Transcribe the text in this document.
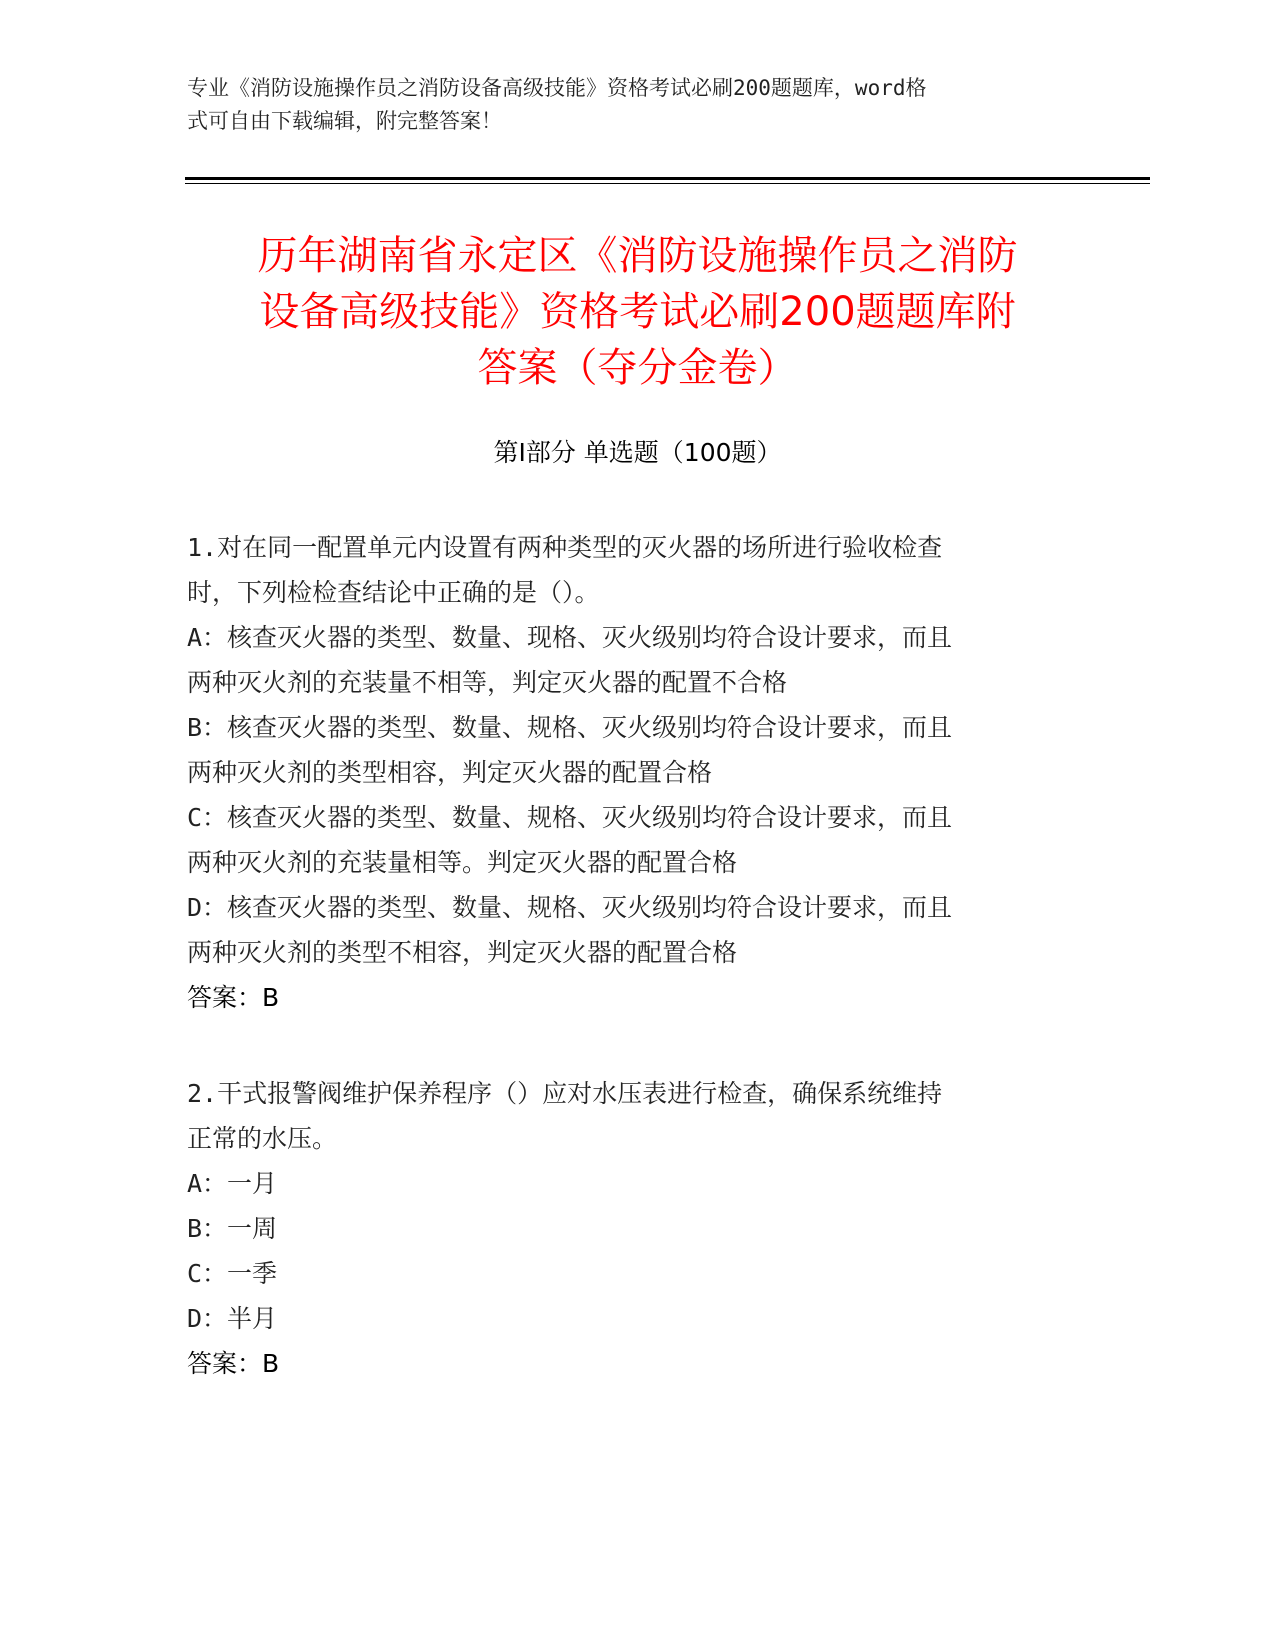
专业《消防设施操作员之消防设备高级技能》资格考试必刷200题题库，word格
式可自由下载编辑，附完整答案！
历年湖南省永定区《消防设施操作员之消防
设备高级技能》资格考试必刷200题题库附
答案（夺分金卷）
第Ⅰ部分 单选题（100题）
1.对在同一配置单元内设置有两种类型的灭火器的场所进行验收检查
时，下列检检查结论中正确的是（）。
A：核查灭火器的类型、数量、现格、灭火级别均符合设计要求，而且
两种灭火剂的充装量不相等，判定灭火器的配置不合格
B：核查灭火器的类型、数量、规格、灭火级别均符合设计要求，而且
两种灭火剂的类型相容，判定灭火器的配置合格
C：核查灭火器的类型、数量、规格、灭火级别均符合设计要求，而且
两种灭火剂的充装量相等。判定灭火器的配置合格
D：核查灭火器的类型、数量、规格、灭火级别均符合设计要求，而且
两种灭火剂的类型不相容，判定灭火器的配置合格
答案：B
2.干式报警阀维护保养程序（）应对水压表进行检查，确保系统维持
正常的水压。
A：一月
B：一周
C：一季
D：半月
答案：B
